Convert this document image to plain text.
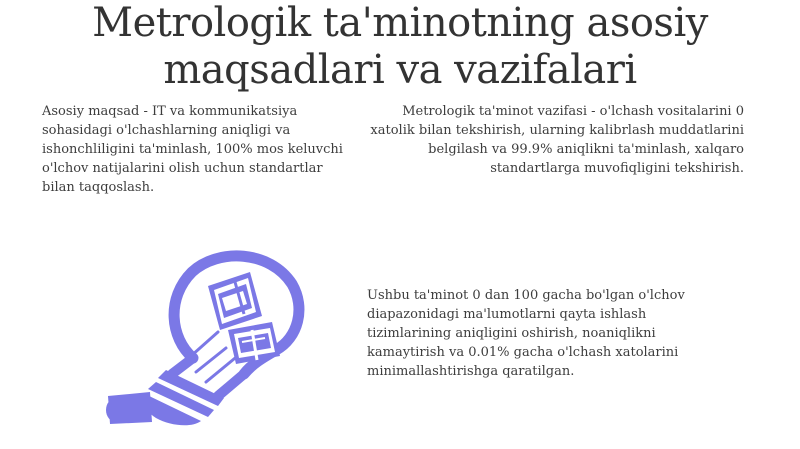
Metrologik ta'minotning asosiy
maqsadlari va vazifalari

Asosiy maqsad - IT va kommunikatsiya sohasidagi o'lchashlarning aniqligi va ishonchliligini ta'minlash, 100% mos keluvchi o'lchov natijalarini olish uchun standartlar bilan taqqoslash.

Metrologik ta'minot vazifasi - o'lchash vositalarini 0 xatolik bilan tekshirish, ularning kalibrlash muddatlarini belgilash va 99.9% aniqlikni ta'minlash, xalqaro standartlarga muvofiqligini tekshirish.

Ushbu ta'minot 0 dan 100 gacha bo'lgan o'lchov diapazonidagi ma'lumotlarni qayta ishlash tizimlarining aniqligini oshirish, noaniqlikni kamaytirish va 0.01% gacha o'lchash xatolarini minimallashtirishga qaratilgan.
